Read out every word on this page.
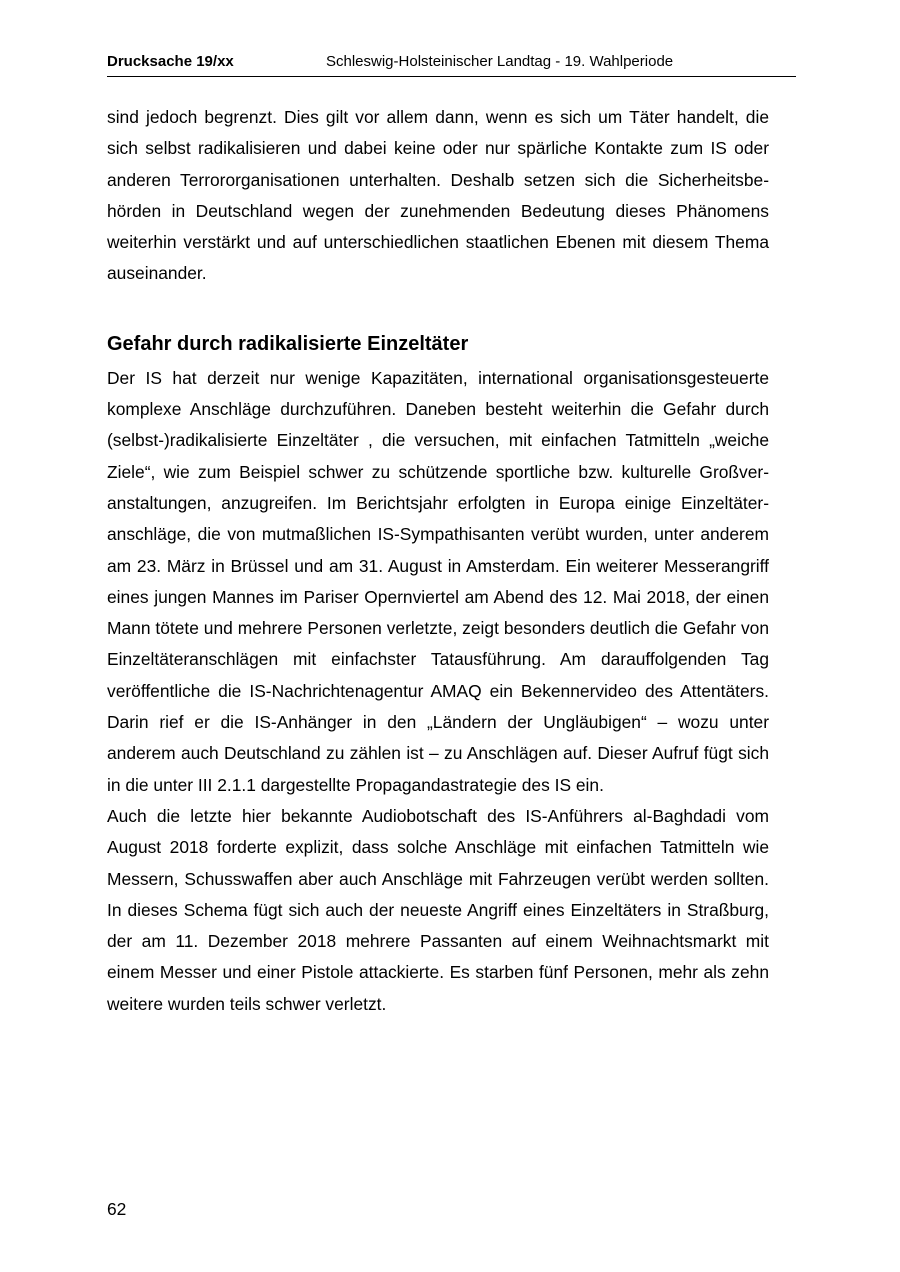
Drucksache 19/xx	Schleswig-Holsteinischer Landtag - 19. Wahlperiode

sind jedoch begrenzt. Dies gilt vor allem dann, wenn es sich um Täter handelt, die sich selbst radikalisieren und dabei keine oder nur spärliche Kontakte zum IS oder anderen Terrororganisationen unterhalten. Deshalb setzen sich die Sicherheitsbehörden in Deutschland wegen der zunehmenden Bedeutung dieses Phänomens weiterhin verstärkt und auf unterschiedlichen staatlichen Ebenen mit diesem Thema auseinander.

Gefahr durch radikalisierte Einzeltäter

Der IS hat derzeit nur wenige Kapazitäten, international organisationsgesteuerte komplexe Anschläge durchzuführen. Daneben besteht weiterhin die Gefahr durch (selbst-)radikalisierte Einzeltäter , die versuchen, mit einfachen Tatmitteln „weiche Ziele“, wie zum Beispiel schwer zu schützende sportliche bzw. kulturelle Großveranstaltungen, anzugreifen. Im Berichtsjahr erfolgten in Europa einige Einzeltäteranschläge, die von mutmaßlichen IS-Sympathisanten verübt wurden, unter anderem am 23. März in Brüssel und am 31. August in Amsterdam. Ein weiterer Messerangriff eines jungen Mannes im Pariser Opernviertel am Abend des 12. Mai 2018, der einen Mann tötete und mehrere Personen verletzte, zeigt besonders deutlich die Gefahr von Einzeltäteranschlägen mit einfachster Tatausführung. Am darauffolgenden Tag veröffentliche die IS-Nachrichtenagentur AMAQ ein Bekennervideo des Attentäters. Darin rief er die IS-Anhänger in den „Ländern der Ungläubigen“ – wozu unter anderem auch Deutschland zu zählen ist – zu Anschlägen auf. Dieser Aufruf fügt sich in die unter III 2.1.1 dargestellte Propagandastrategie des IS ein.

Auch die letzte hier bekannte Audiobotschaft des IS-Anführers al-Baghdadi vom August 2018 forderte explizit, dass solche Anschläge mit einfachen Tatmitteln wie Messern, Schusswaffen aber auch Anschläge mit Fahrzeugen verübt werden sollten. In dieses Schema fügt sich auch der neueste Angriff eines Einzeltäters in Straßburg, der am 11. Dezember 2018 mehrere Passanten auf einem Weihnachtsmarkt mit einem Messer und einer Pistole attackierte. Es starben fünf Personen, mehr als zehn weitere wurden teils schwer verletzt.

62
